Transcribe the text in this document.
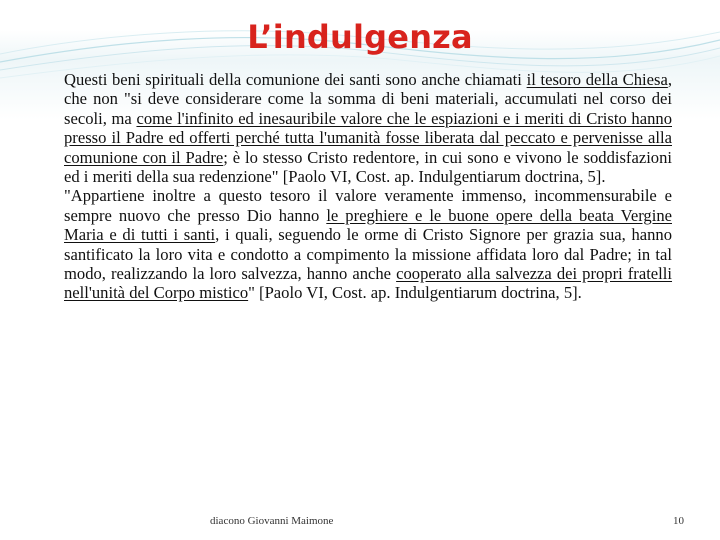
L’indulgenza

Questi beni spirituali della comunione dei santi sono anche chiamati il tesoro della Chiesa, che non "si deve considerare come la somma di beni materiali, accumulati nel corso dei secoli, ma come l'infinito ed inesauribile valore che le espiazioni e i meriti di Cristo hanno presso il Padre ed offerti perché tutta l'umanità fosse liberata dal peccato e pervenisse alla comunione con il Padre; è lo stesso Cristo redentore, in cui sono e vivono le soddisfazioni ed i meriti della sua redenzione" [Paolo VI, Cost. ap. Indulgentiarum doctrina, 5].

"Appartiene inoltre a questo tesoro il valore veramente immenso, incommensurabile e sempre nuovo che presso Dio hanno le preghiere e le buone opere della beata Vergine Maria e di tutti i santi, i quali, seguendo le orme di Cristo Signore per grazia sua, hanno santificato la loro vita e condotto a compimento la missione affidata loro dal Padre; in tal modo, realizzando la loro salvezza, hanno anche cooperato alla salvezza dei propri fratelli nell'unità del Corpo mistico" [Paolo VI, Cost. ap. Indulgentiarum doctrina, 5].

diacono Giovanni Maimone	10
